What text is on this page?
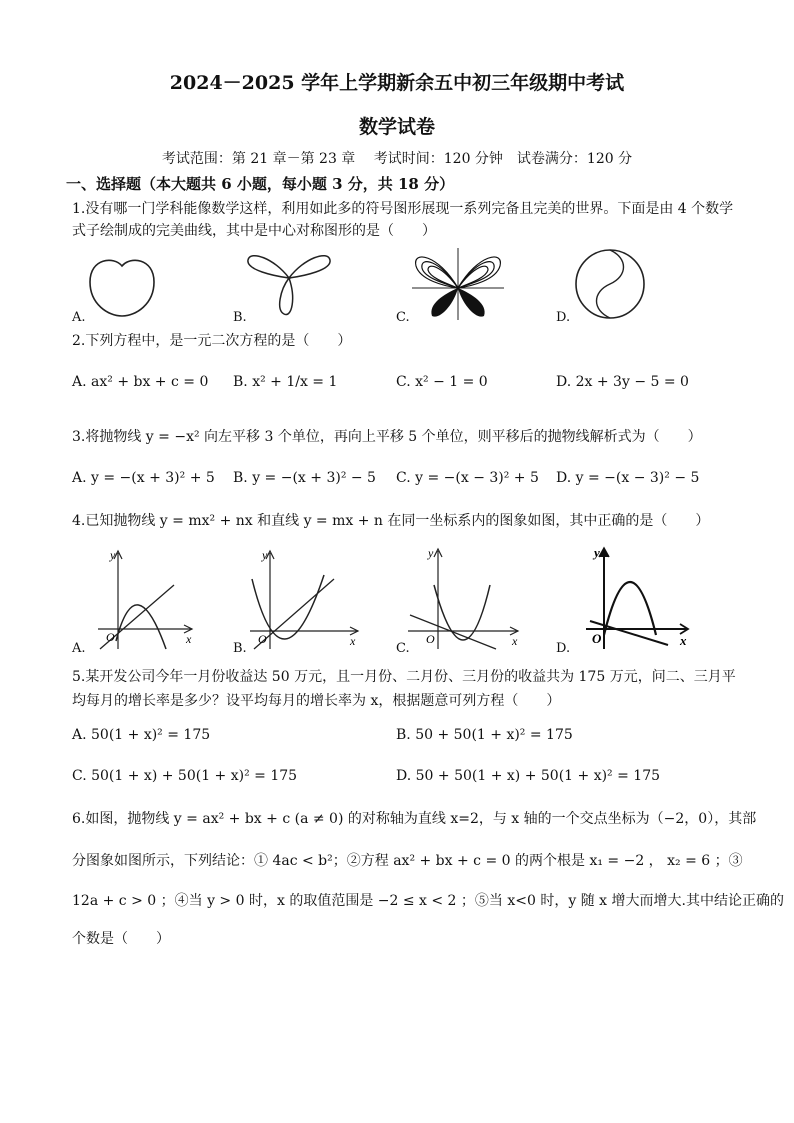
2024－2025 学年上学期新余五中初三年级期中考试
数学试卷
考试范围：第 21 章－第 23 章　 考试时间：120 分钟　试卷满分：120 分
一、选择题（本大题共 6 小题，每小题 3 分，共 18 分）
1.没有哪一门学科能像数学这样，利用如此多的符号图形展现一系列完备且完美的世界。下面是由 4 个数学
式子绘制成的完美曲线，其中是中心对称图形的是（　　）
A.	B.	C.	D.
2.下列方程中，是一元二次方程的是（　　）
A. ax² + bx + c = 0 B. x² + 1/x = 1	C. x² − 1 = 0	D. 2x + 3y − 5 = 0
3.将抛物线 y = −x² 向左平移 3 个单位，再向上平移 5 个单位，则平移后的抛物线解析式为（　　）
A. y = −(x + 3)² + 5 B. y = −(x + 3)² − 5 C. y = −(x − 3)² + 5 D. y = −(x − 3)² − 5
4.已知抛物线 y = mx² + nx 和直线 y = mx + n 在同一坐标系内的图象如图，其中正确的是（　　）
y
x
O
A.
y
x
O
B.
y
x
O
C.
y
x
O
D.
5.某开发公司今年一月份收益达 50 万元，且一月份、二月份、三月份的收益共为 175 万元，问二、三月平
均每月的增长率是多少？设平均每月的增长率为 x，根据题意可列方程（　　）
A. 50(1 + x)² = 175	B. 50 + 50(1 + x)² = 175
C. 50(1 + x) + 50(1 + x)² = 175	D. 50 + 50(1 + x) + 50(1 + x)² = 175
6.如图，抛物线 y = ax² + bx + c (a ≠ 0) 的对称轴为直线 x=2，与 x 轴的一个交点坐标为（−2，0），其部
分图象如图所示，下列结论：① 4ac < b²；②方程 ax² + bx + c = 0 的两个根是 x₁ = −2 ， x₂ = 6 ；③
12a + c > 0 ；④当 y > 0 时，x 的取值范围是 −2 ≤ x < 2 ；⑤当 x<0 时，y 随 x 增大而增大.其中结论正确的
个数是（　　）
